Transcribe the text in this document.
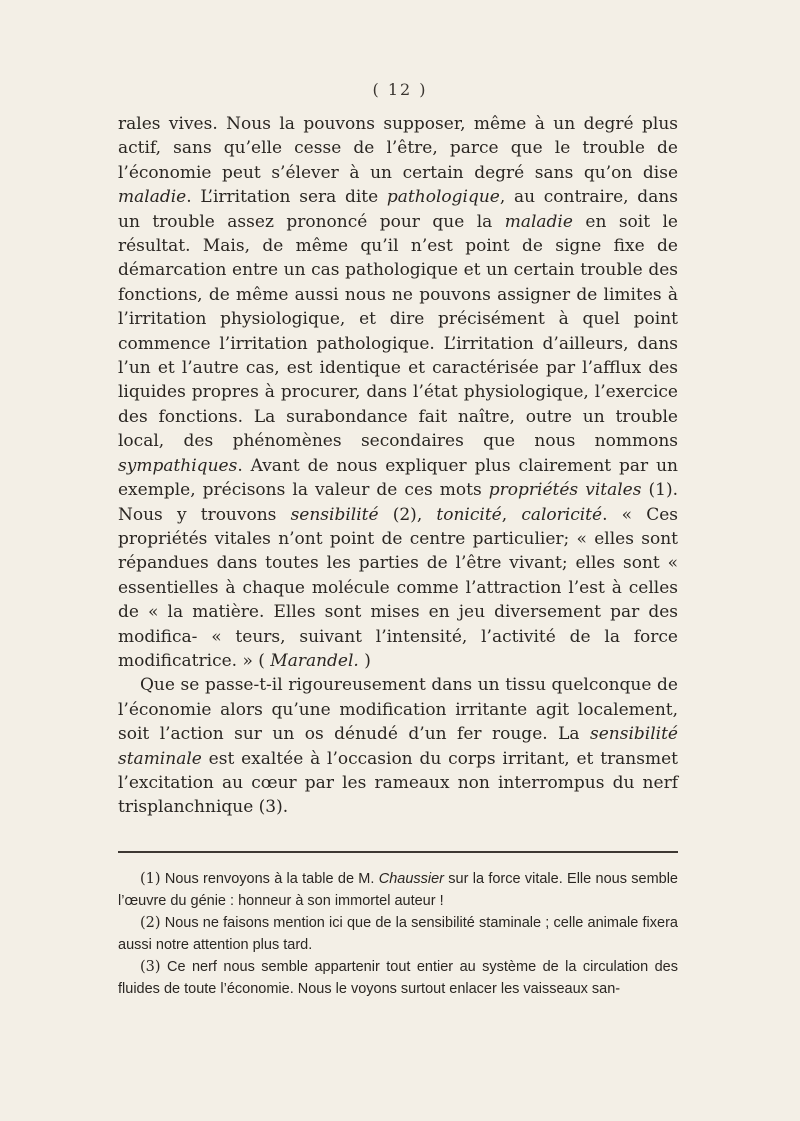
( 12 )

rales vives. Nous la pouvons supposer, même à un degré plus actif, sans qu’elle cesse de l’être, parce que le trouble de l’économie peut s’élever à un certain degré sans qu’on dise maladie. L’irritation sera dite pathologique, au contraire, dans un trouble assez prononcé pour que la maladie en soit le résultat. Mais, de même qu’il n’est point de signe fixe de démarcation entre un cas pathologique et un certain trouble des fonctions, de même aussi nous ne pouvons assigner de limites à l’irritation physiologique, et dire précisément à quel point commence l’irritation pathologique. L’irritation d’ailleurs, dans l’un et l’autre cas, est identique et caractérisée par l’afflux des liquides propres à procurer, dans l’état physiologique, l’exercice des fonctions. La surabondance fait naître, outre un trouble local, des phénomènes secondaires que nous nommons sympathiques. Avant de nous expliquer plus clairement par un exemple, précisons la valeur de ces mots propriétés vitales (1). Nous y trouvons sensibilité (2), tonicité, caloricité. « Ces propriétés vitales n’ont point de centre particulier; « elles sont répandues dans toutes les parties de l’être vivant; elles sont « essentielles à chaque molécule comme l’attraction l’est à celles de « la matière. Elles sont mises en jeu diversement par des modifica- « teurs, suivant l’intensité, l’activité de la force modificatrice. » ( Marandel. )

Que se passe-t-il rigoureusement dans un tissu quelconque de l’économie alors qu’une modification irritante agit localement, soit l’action sur un os dénudé d’un fer rouge. La sensibilité staminale est exaltée à l’occasion du corps irritant, et transmet l’excitation au cœur par les rameaux non interrompus du nerf trisplanchnique (3).

(1) Nous renvoyons à la table de M. Chaussier sur la force vitale. Elle nous semble l’œuvre du génie : honneur à son immortel auteur !

(2) Nous ne faisons mention ici que de la sensibilité staminale ; celle animale fixera aussi notre attention plus tard.

(3) Ce nerf nous semble appartenir tout entier au système de la circulation des fluides de toute l’économie. Nous le voyons surtout enlacer les vaisseaux san-
